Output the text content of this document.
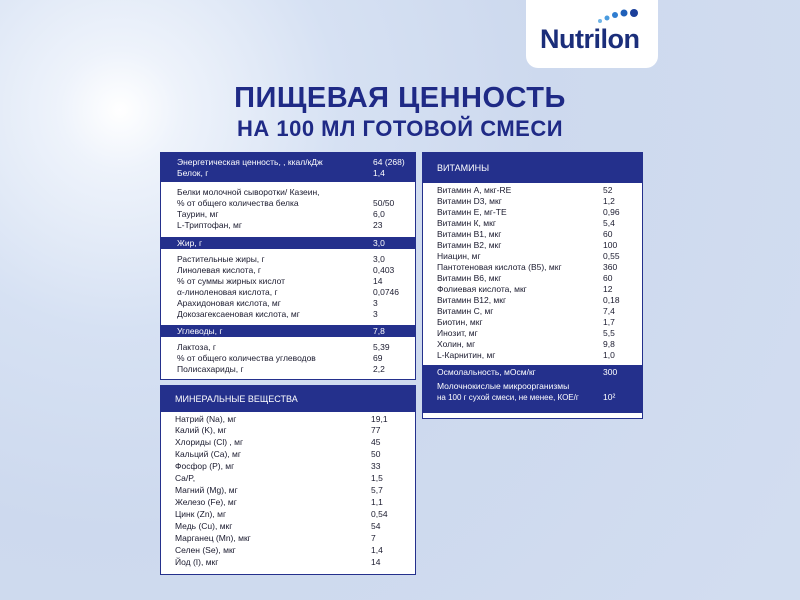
Nutrilon
ПИЩЕВАЯ ЦЕННОСТЬ
НА 100 МЛ ГОТОВОЙ СМЕСИ
Энергетическая ценность, , ккал/кДж	64 (268)
Белок, г	1,4
Белки молочной сыворотки/ Казеин,
% от общего количества белка	50/50
Таурин, мг	6,0
L-Триптофан, мг	23
Жир, г	3,0
Растительные жиры, г	3,0
Линолевая кислота, г	0,403
% от суммы жирных кислот	14
α-линоленовая кислота, г	0,0746
Арахидоновая кислота, мг	3
Докозагексаеновая кислота, мг	3
Углеводы, г	7,8
Лактоза, г	5,39
% от общего количества углеводов	69
Полисахариды, г	2,2
МИНЕРАЛЬНЫЕ ВЕЩЕСТВА
Натрий (Na), мг	19,1
Калий (K), мг	77
Хлориды (Cl) , мг	45
Кальций (Ca), мг	50
Фосфор (P), мг	33
Ca/P,	1,5
Магний (Mg), мг	5,7
Железо (Fe), мг	1,1
Цинк (Zn), мг	0,54
Медь (Cu), мкг	54
Марганец (Mn), мкг	7
Селен (Se), мкг	1,4
Йод (I), мкг	14
ВИТАМИНЫ
Витамин А, мкг-RE	52
Витамин D3, мкг	1,2
Витамин E, мг-TE	0,96
Витамин К, мкг	5,4
Витамин B1, мкг	60
Витамин B2, мкг	100
Ниацин, мг	0,55
Пантотеновая кислота (B5), мкг	360
Витамин B6, мкг	60
Фолиевая кислота, мкг	12
Витамин B12, мкг	0,18
Витамин C, мг	7,4
Биотин, мкг	1,7
Инозит, мг	5,5
Холин, мг	9,8
L-Карнитин, мг	1,0
Осмолальность, мОсм/кг	300
Молочнокислые микроорганизмы
на 100 г сухой смеси, не менее, КОЕ/г	10²
